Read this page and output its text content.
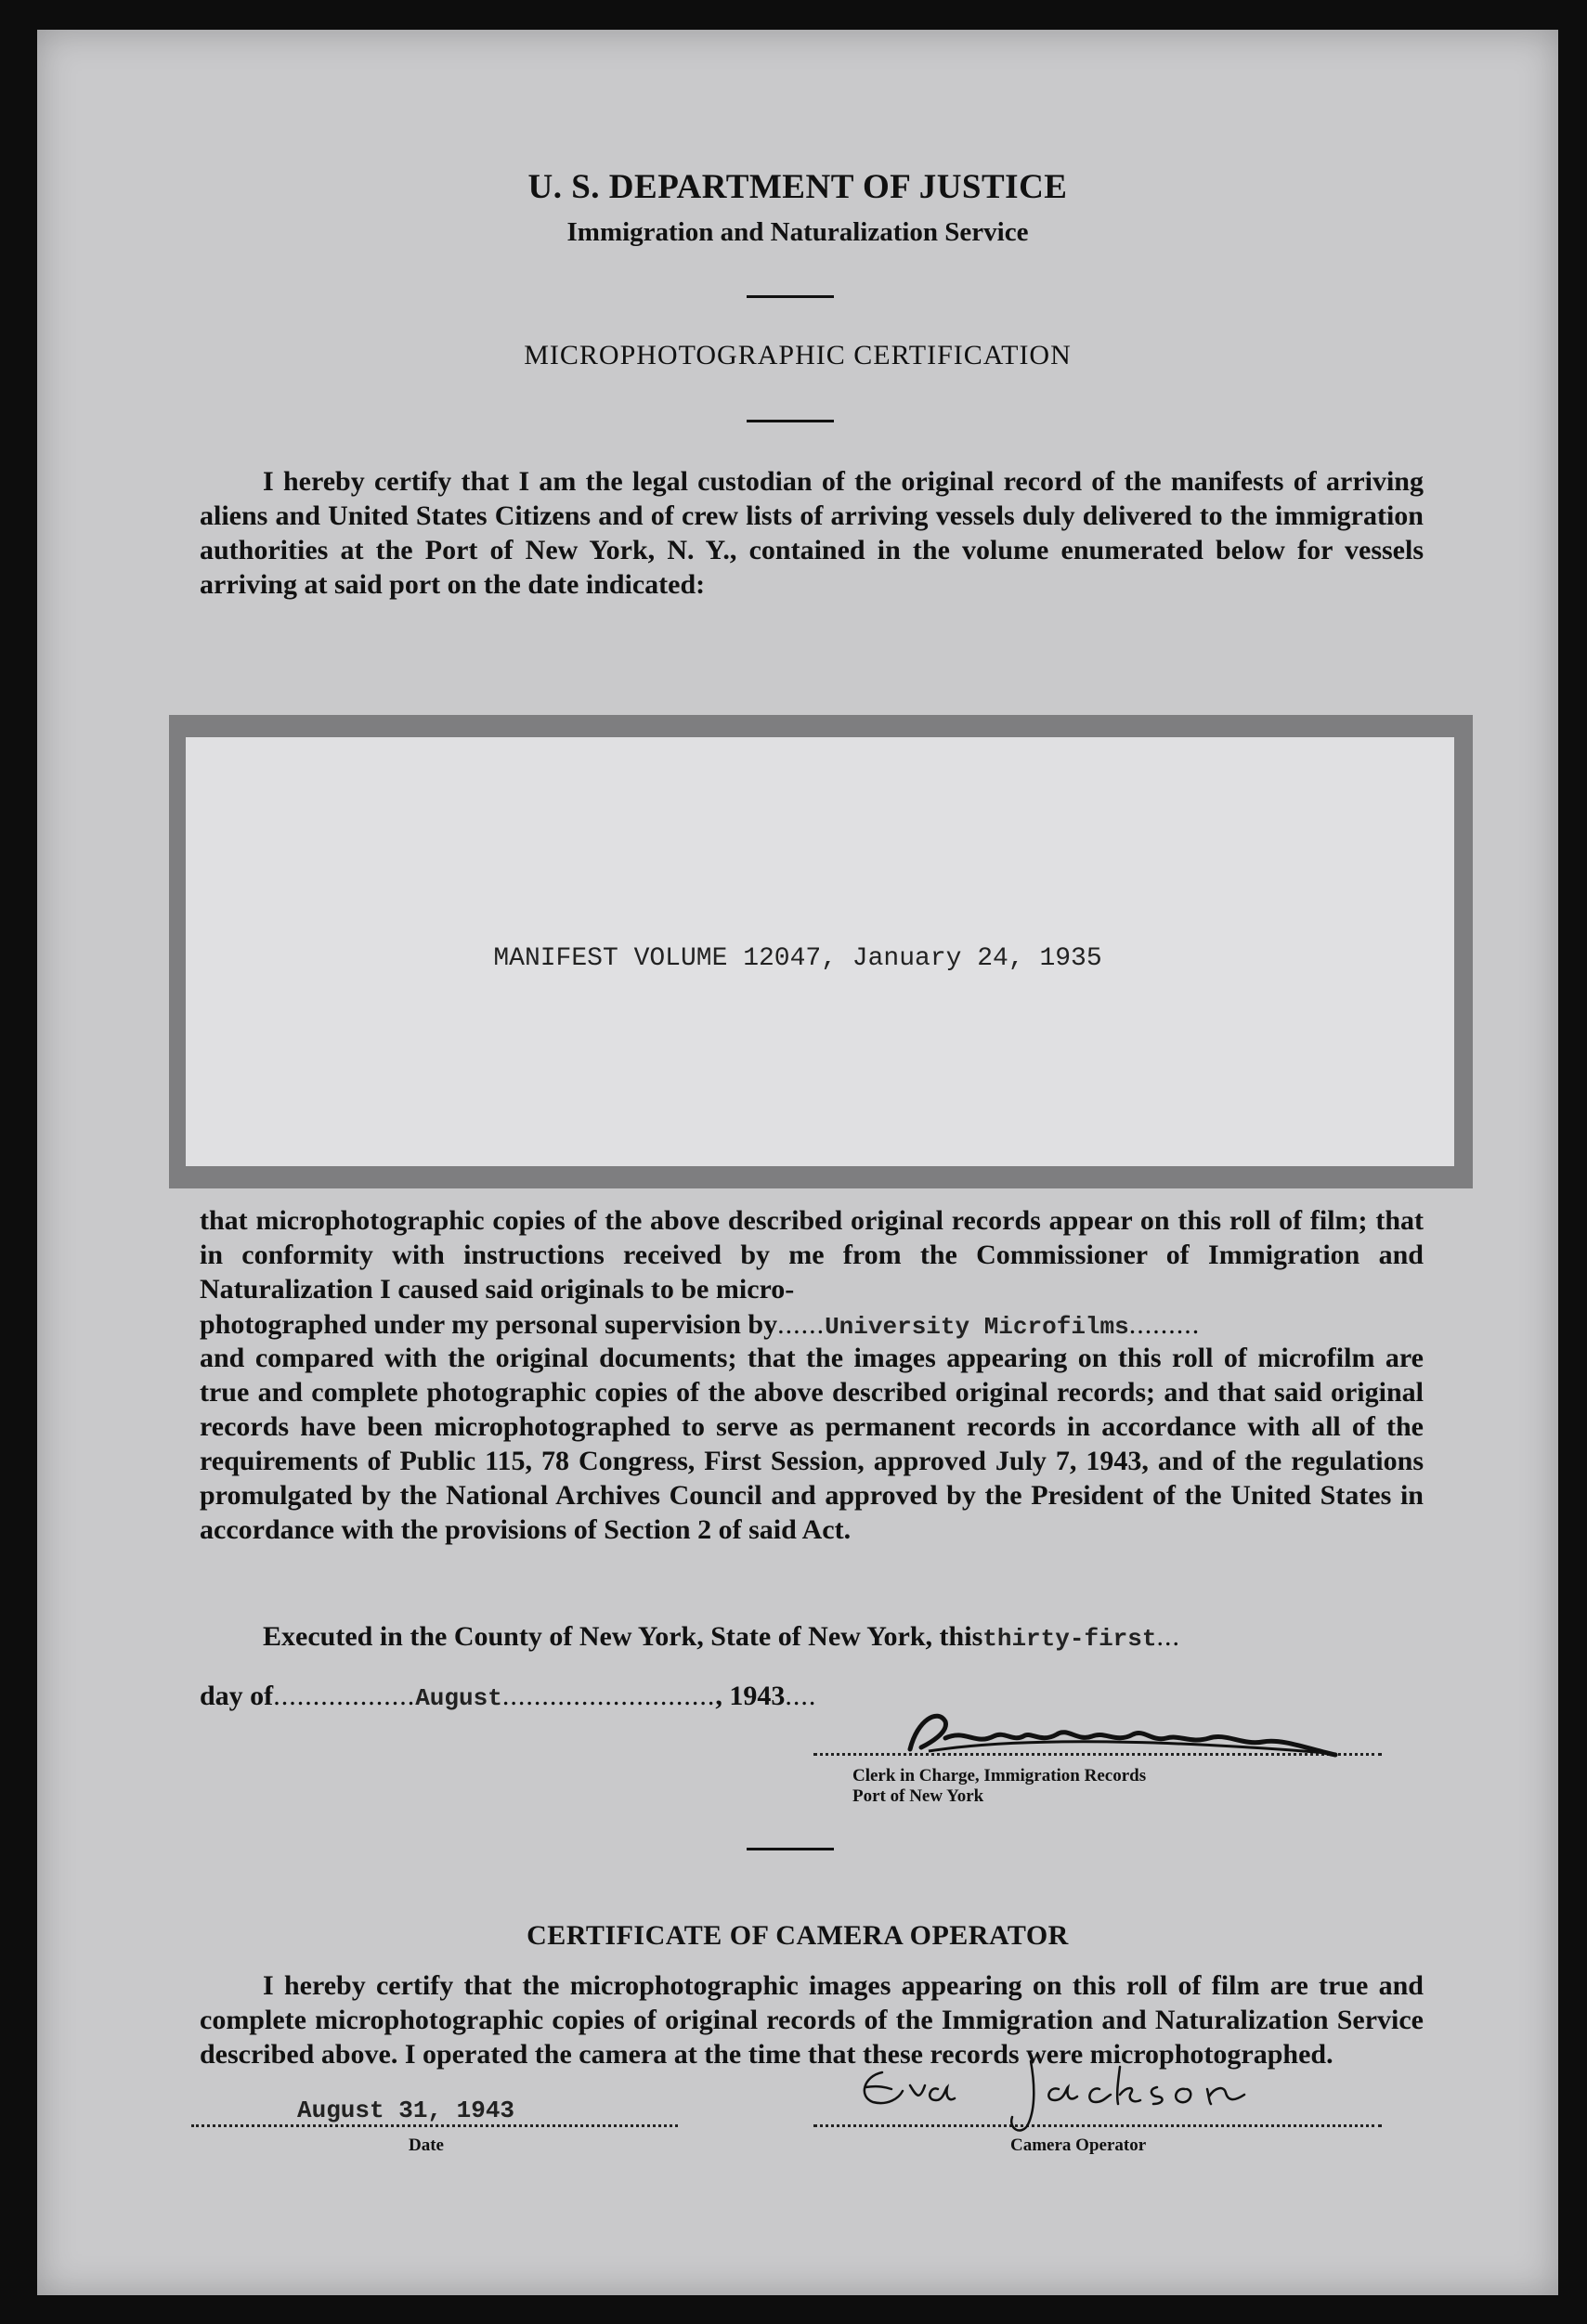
U. S. DEPARTMENT OF JUSTICE
Immigration and Naturalization Service
MICROPHOTOGRAPHIC CERTIFICATION
I hereby certify that I am the legal custodian of the original record of the manifests of arriving aliens and United States Citizens and of crew lists of arriving vessels duly delivered to the immigration authorities at the Port of New York, N. Y., contained in the volume enumerated below for vessels arriving at said port on the date indicated:
MANIFEST VOLUME 12047, January 24, 1935
that microphotographic copies of the above described original records appear on this roll of film; that in conformity with instructions received by me from the Commissioner of Immigration and Naturalization I caused said originals to be micro-
photographed under my personal supervision by......University Microfilms.........
and compared with the original documents; that the images appearing on this roll of microfilm are true and complete photographic copies of the above described original records; and that said original records have been microphotographed to serve as permanent records in accordance with all of the requirements of Public 115, 78 Congress, First Session, approved July 7, 1943, and of the regulations promulgated by the National Archives Council and approved by the President of the United States in accordance with the provisions of Section 2 of said Act.
Executed in the County of New York, State of New York, thisthirty-first...
day of..................August..........................., 1943....
Clerk in Charge, Immigration Records
Port of New York
CERTIFICATE OF CAMERA OPERATOR
I hereby certify that the microphotographic images appearing on this roll of film are true and complete microphotographic copies of original records of the Immigration and Naturalization Service described above. I operated the camera at the time that these records were microphotographed.
August 31, 1943
Date	Camera Operator
